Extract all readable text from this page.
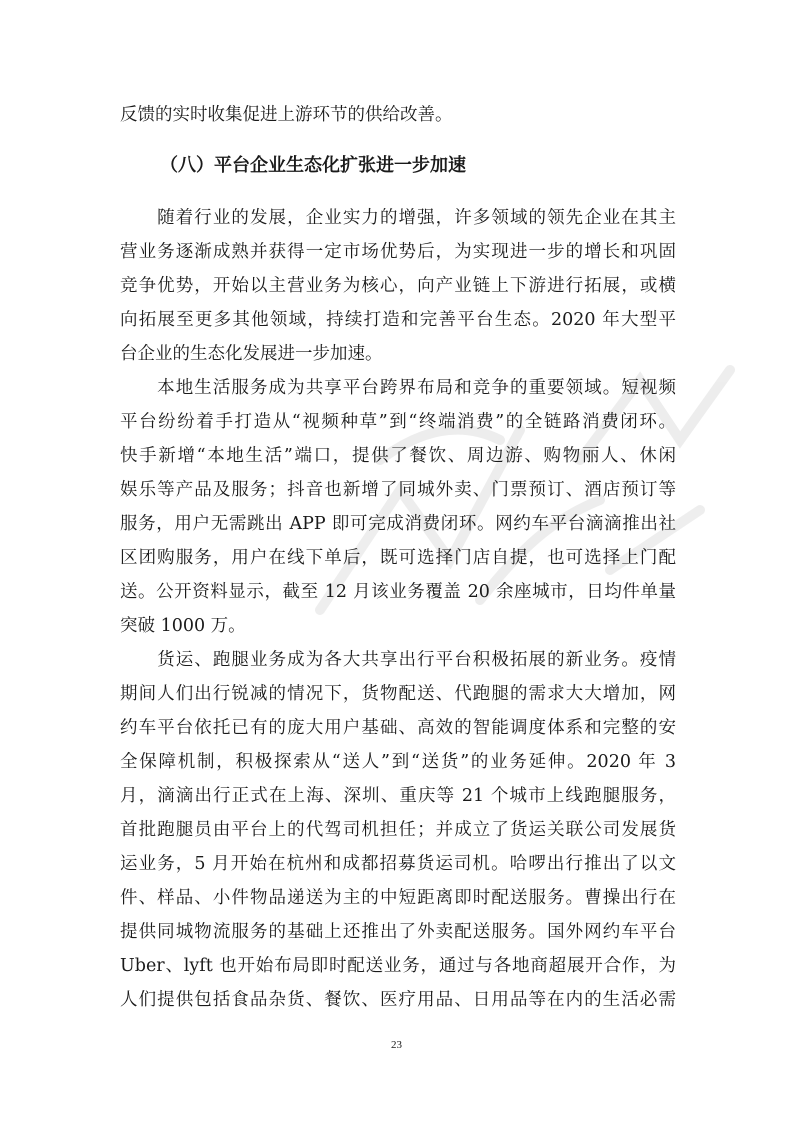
反馈的实时收集促进上游环节的供给改善。
（八）平台企业生态化扩张进一步加速
　　随着行业的发展，企业实力的增强，许多领域的领先企业在其主
营业务逐渐成熟并获得一定市场优势后，为实现进一步的增长和巩固
竞争优势，开始以主营业务为核心，向产业链上下游进行拓展，或横
向拓展至更多其他领域，持续打造和完善平台生态。2020 年大型平
台企业的生态化发展进一步加速。
　　本地生活服务成为共享平台跨界布局和竞争的重要领域。短视频
平台纷纷着手打造从“视频种草”到“终端消费”的全链路消费闭环。
快手新增“本地生活”端口，提供了餐饮、周边游、购物丽人、休闲
娱乐等产品及服务；抖音也新增了同城外卖、门票预订、酒店预订等
服务，用户无需跳出 APP 即可完成消费闭环。网约车平台滴滴推出社
区团购服务，用户在线下单后，既可选择门店自提，也可选择上门配
送。公开资料显示，截至 12 月该业务覆盖 20 余座城市，日均件单量
突破 1000 万。
　　货运、跑腿业务成为各大共享出行平台积极拓展的新业务。疫情
期间人们出行锐减的情况下，货物配送、代跑腿的需求大大增加，网
约车平台依托已有的庞大用户基础、高效的智能调度体系和完整的安
全保障机制，积极探索从“送人”到“送货”的业务延伸。2020 年 3
月，滴滴出行正式在上海、深圳、重庆等 21 个城市上线跑腿服务，
首批跑腿员由平台上的代驾司机担任；并成立了货运关联公司发展货
运业务，5 月开始在杭州和成都招募货运司机。哈啰出行推出了以文
件、样品、小件物品递送为主的中短距离即时配送服务。曹操出行在
提供同城物流服务的基础上还推出了外卖配送服务。国外网约车平台
Uber、lyft 也开始布局即时配送业务，通过与各地商超展开合作，为
人们提供包括食品杂货、餐饮、医疗用品、日用品等在内的生活必需
23
